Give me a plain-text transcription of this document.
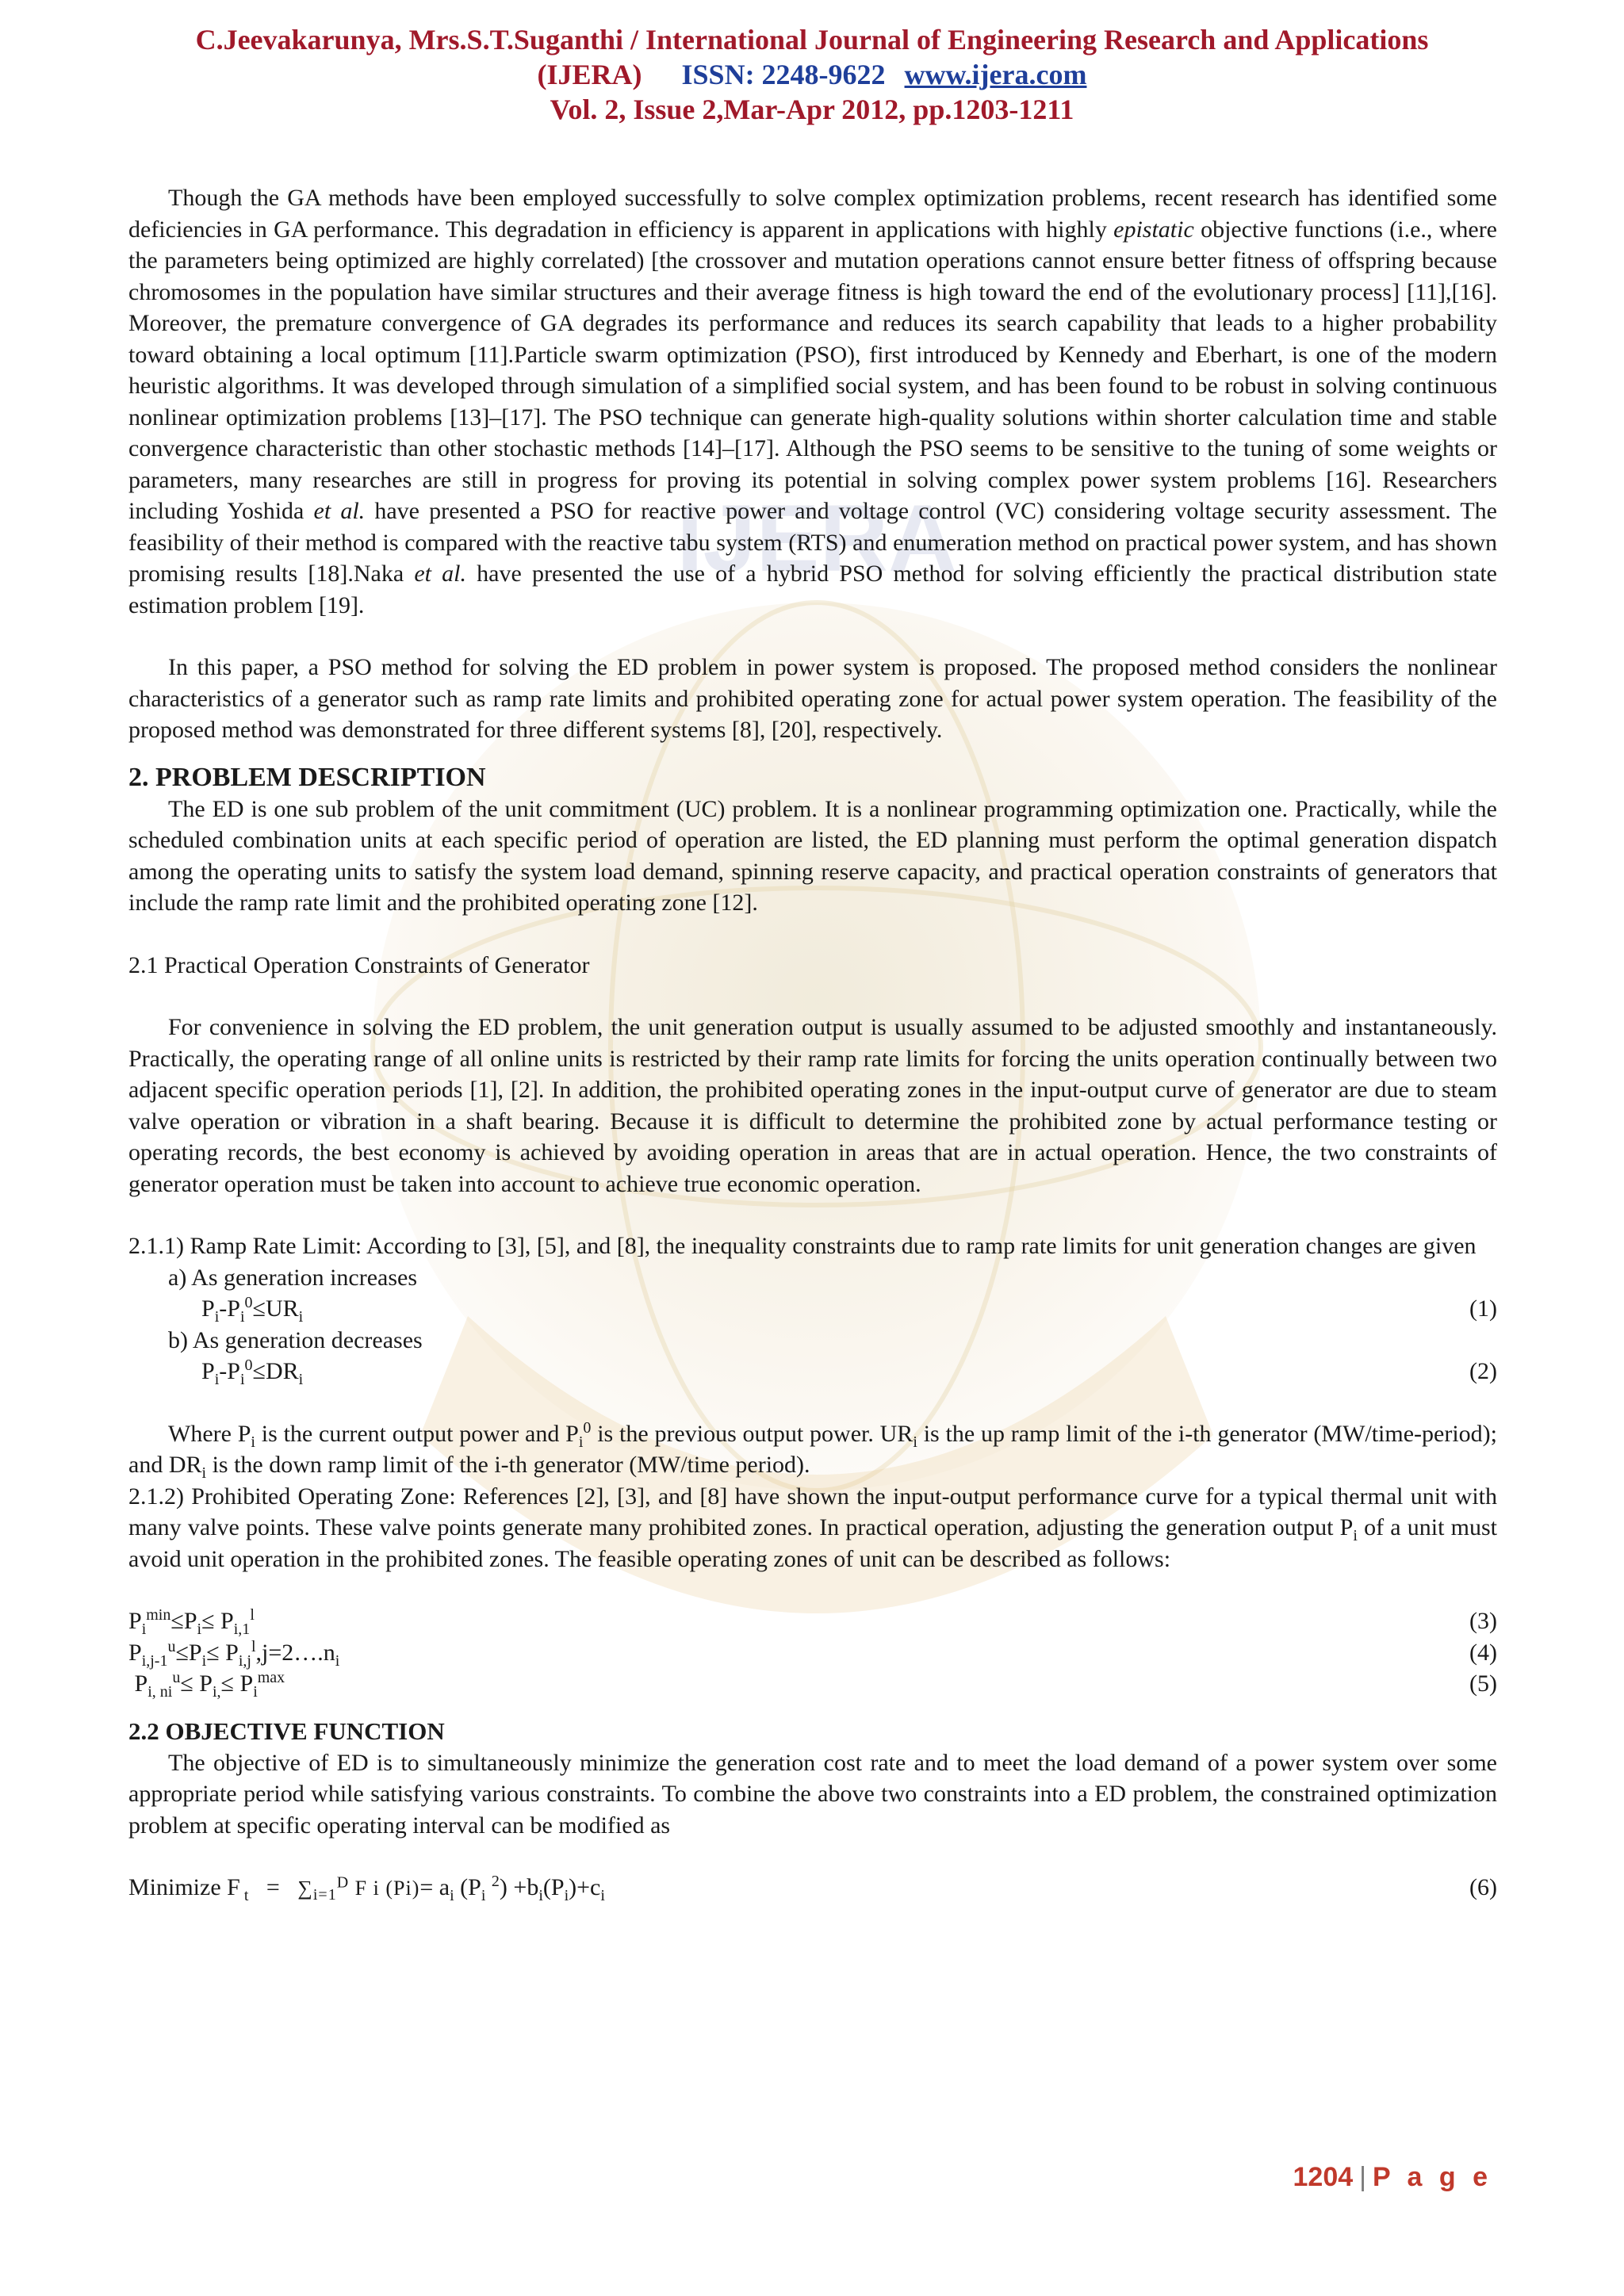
IJERA
C.Jeevakarunya, Mrs.S.T.Suganthi / International Journal of Engineering Research and Applications
(IJERA) ISSN: 2248-9622 www.ijera.com
Vol. 2, Issue 2,Mar-Apr 2012, pp.1203-1211

Though the GA methods have been employed successfully to solve complex optimization problems, recent research has identified some deficiencies in GA performance. This degradation in efficiency is apparent in applications with highly epistatic objective functions (i.e., where the parameters being optimized are highly correlated) [the crossover and mutation operations cannot ensure better fitness of offspring because chromosomes in the population have similar structures and their average fitness is high toward the end of the evolutionary process] [11],[16]. Moreover, the premature convergence of GA degrades its performance and reduces its search capability that leads to a higher probability toward obtaining a local optimum [11].Particle swarm optimization (PSO), first introduced by Kennedy and Eberhart, is one of the modern heuristic algorithms. It was developed through simulation of a simplified social system, and has been found to be robust in solving continuous nonlinear optimization problems [13]–[17]. The PSO technique can generate high-quality solutions within shorter calculation time and stable convergence characteristic than other stochastic methods [14]–[17]. Although the PSO seems to be sensitive to the tuning of some weights or parameters, many researches are still in progress for proving its potential in solving complex power system problems [16]. Researchers including Yoshida et al. have presented a PSO for reactive power and voltage control (VC) considering voltage security assessment. The feasibility of their method is compared with the reactive tabu system (RTS) and enumeration method on practical power system, and has shown promising results [18].Naka et al. have presented the use of a hybrid PSO method for solving efficiently the practical distribution state estimation problem [19].

In this paper, a PSO method for solving the ED problem in power system is proposed. The proposed method considers the nonlinear characteristics of a generator such as ramp rate limits and prohibited operating zone for actual power system operation. The feasibility of the proposed method was demonstrated for three different systems [8], [20], respectively.

2. PROBLEM DESCRIPTION

The ED is one sub problem of the unit commitment (UC) problem. It is a nonlinear programming optimization one. Practically, while the scheduled combination units at each specific period of operation are listed, the ED planning must perform the optimal generation dispatch among the operating units to satisfy the system load demand, spinning reserve capacity, and practical operation constraints of generators that include the ramp rate limit and the prohibited operating zone [12].

2.1 Practical Operation Constraints of Generator

For convenience in solving the ED problem, the unit generation output is usually assumed to be adjusted smoothly and instantaneously. Practically, the operating range of all online units is restricted by their ramp rate limits for forcing the units operation continually between two adjacent specific operation periods [1], [2]. In addition, the prohibited operating zones in the input-output curve of generator are due to steam valve operation or vibration in a shaft bearing. Because it is difficult to determine the prohibited zone by actual performance testing or operating records, the best economy is achieved by avoiding operation in areas that are in actual operation. Hence, the two constraints of generator operation must be taken into account to achieve true economic operation.

2.1.1) Ramp Rate Limit: According to [3], [5], and [8], the inequality constraints due to ramp rate limits for unit generation changes are given

a) As generation increases
$P_i-P_i^0\le UR_i$	(1)
b) As generation decreases
$P_i-P_i^0\le DR_i$	(2)

Where $P_i$ is the current output power and $P_i^0$ is the previous output power. $UR_i$ is the up ramp limit of the i-th generator (MW/time-period); and $DR_i$ is the down ramp limit of the i-th generator (MW/time period).

2.1.2) Prohibited Operating Zone: References [2], [3], and [8] have shown the input-output performance curve for a typical thermal unit with many valve points. These valve points generate many prohibited zones. In practical operation, adjusting the generation output $P_i$ of a unit must avoid unit operation in the prohibited zones. The feasible operating zones of unit can be described as follows:

$P_i^{min}\le P_i\le P_{i,1}^l$	(3)
$P_{i,j-1}^u\le P_i\le$ $P_{i,j}^l,j=2\dots.n_i$	(4)
$P_{i, ni}^u\le P_{i,}\le P_i^{max}$	(5)
2.2 OBJECTIVE FUNCTION

The objective of ED is to simultaneously minimize the generation cost rate and to meet the load demand of a power system over some appropriate period while satisfying various constraints. To combine the above two constraints into a ED problem, the constrained optimization problem at specific operating interval can be modified as

Minimize F $_t = \sum_{i=1}^D$ F i $(Pi)= a_i$ ($P_i$ $^2) +b_i(P_i)+c_i$	(6)
1204 | P a g e
